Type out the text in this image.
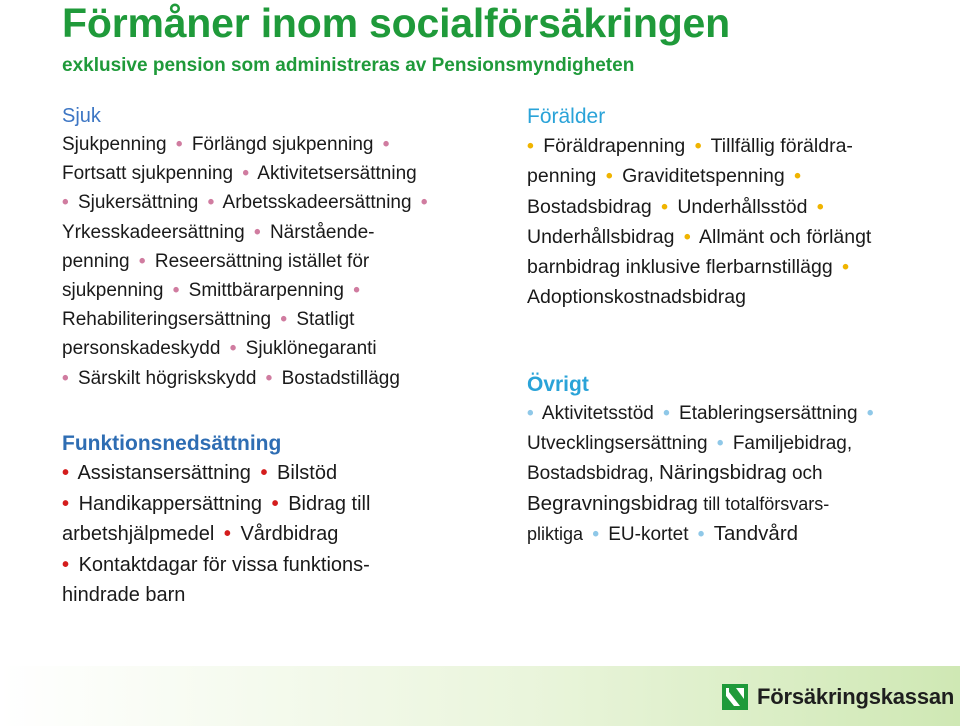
Förmåner inom socialförsäkringen

exklusive pension som administreras av Pensionsmyndigheten

Sjuk
Sjukpenning • Förlängd sjukpenning •
Fortsatt sjukpenning • Aktivitetsersättning
• Sjukersättning • Arbetsskadeersättning •
Yrkesskadeersättning • Närstående-
penning • Reseersättning istället för
sjukpenning • Smittbärarpenning •
Rehabiliteringsersättning • Statligt
personskadeskydd • Sjuklönegaranti
• Särskilt högriskskydd • Bostadstillägg
Funktionsnedsättning
• Assistansersättning • Bilstöd
• Handikappersättning • Bidrag till
arbetshjälpmedel • Vårdbidrag
• Kontaktdagar för vissa funktions-
hindrade barn
Förälder
• Föräldrapenning • Tillfällig föräldra-
penning • Graviditetspenning •
Bostadsbidrag • Underhållsstöd •
Underhållsbidrag • Allmänt och förlängt
barnbidrag inklusive flerbarnstillägg •
Adoptionskostnadsbidrag
Övrigt
• Aktivitetsstöd • Etableringsersättning •
Utvecklingsersättning • Familjebidrag,
Bostadsbidrag, Näringsbidrag och
Begravningsbidrag till totalförsvars-
pliktiga • EU-kortet • Tandvård
Försäkringskassan
